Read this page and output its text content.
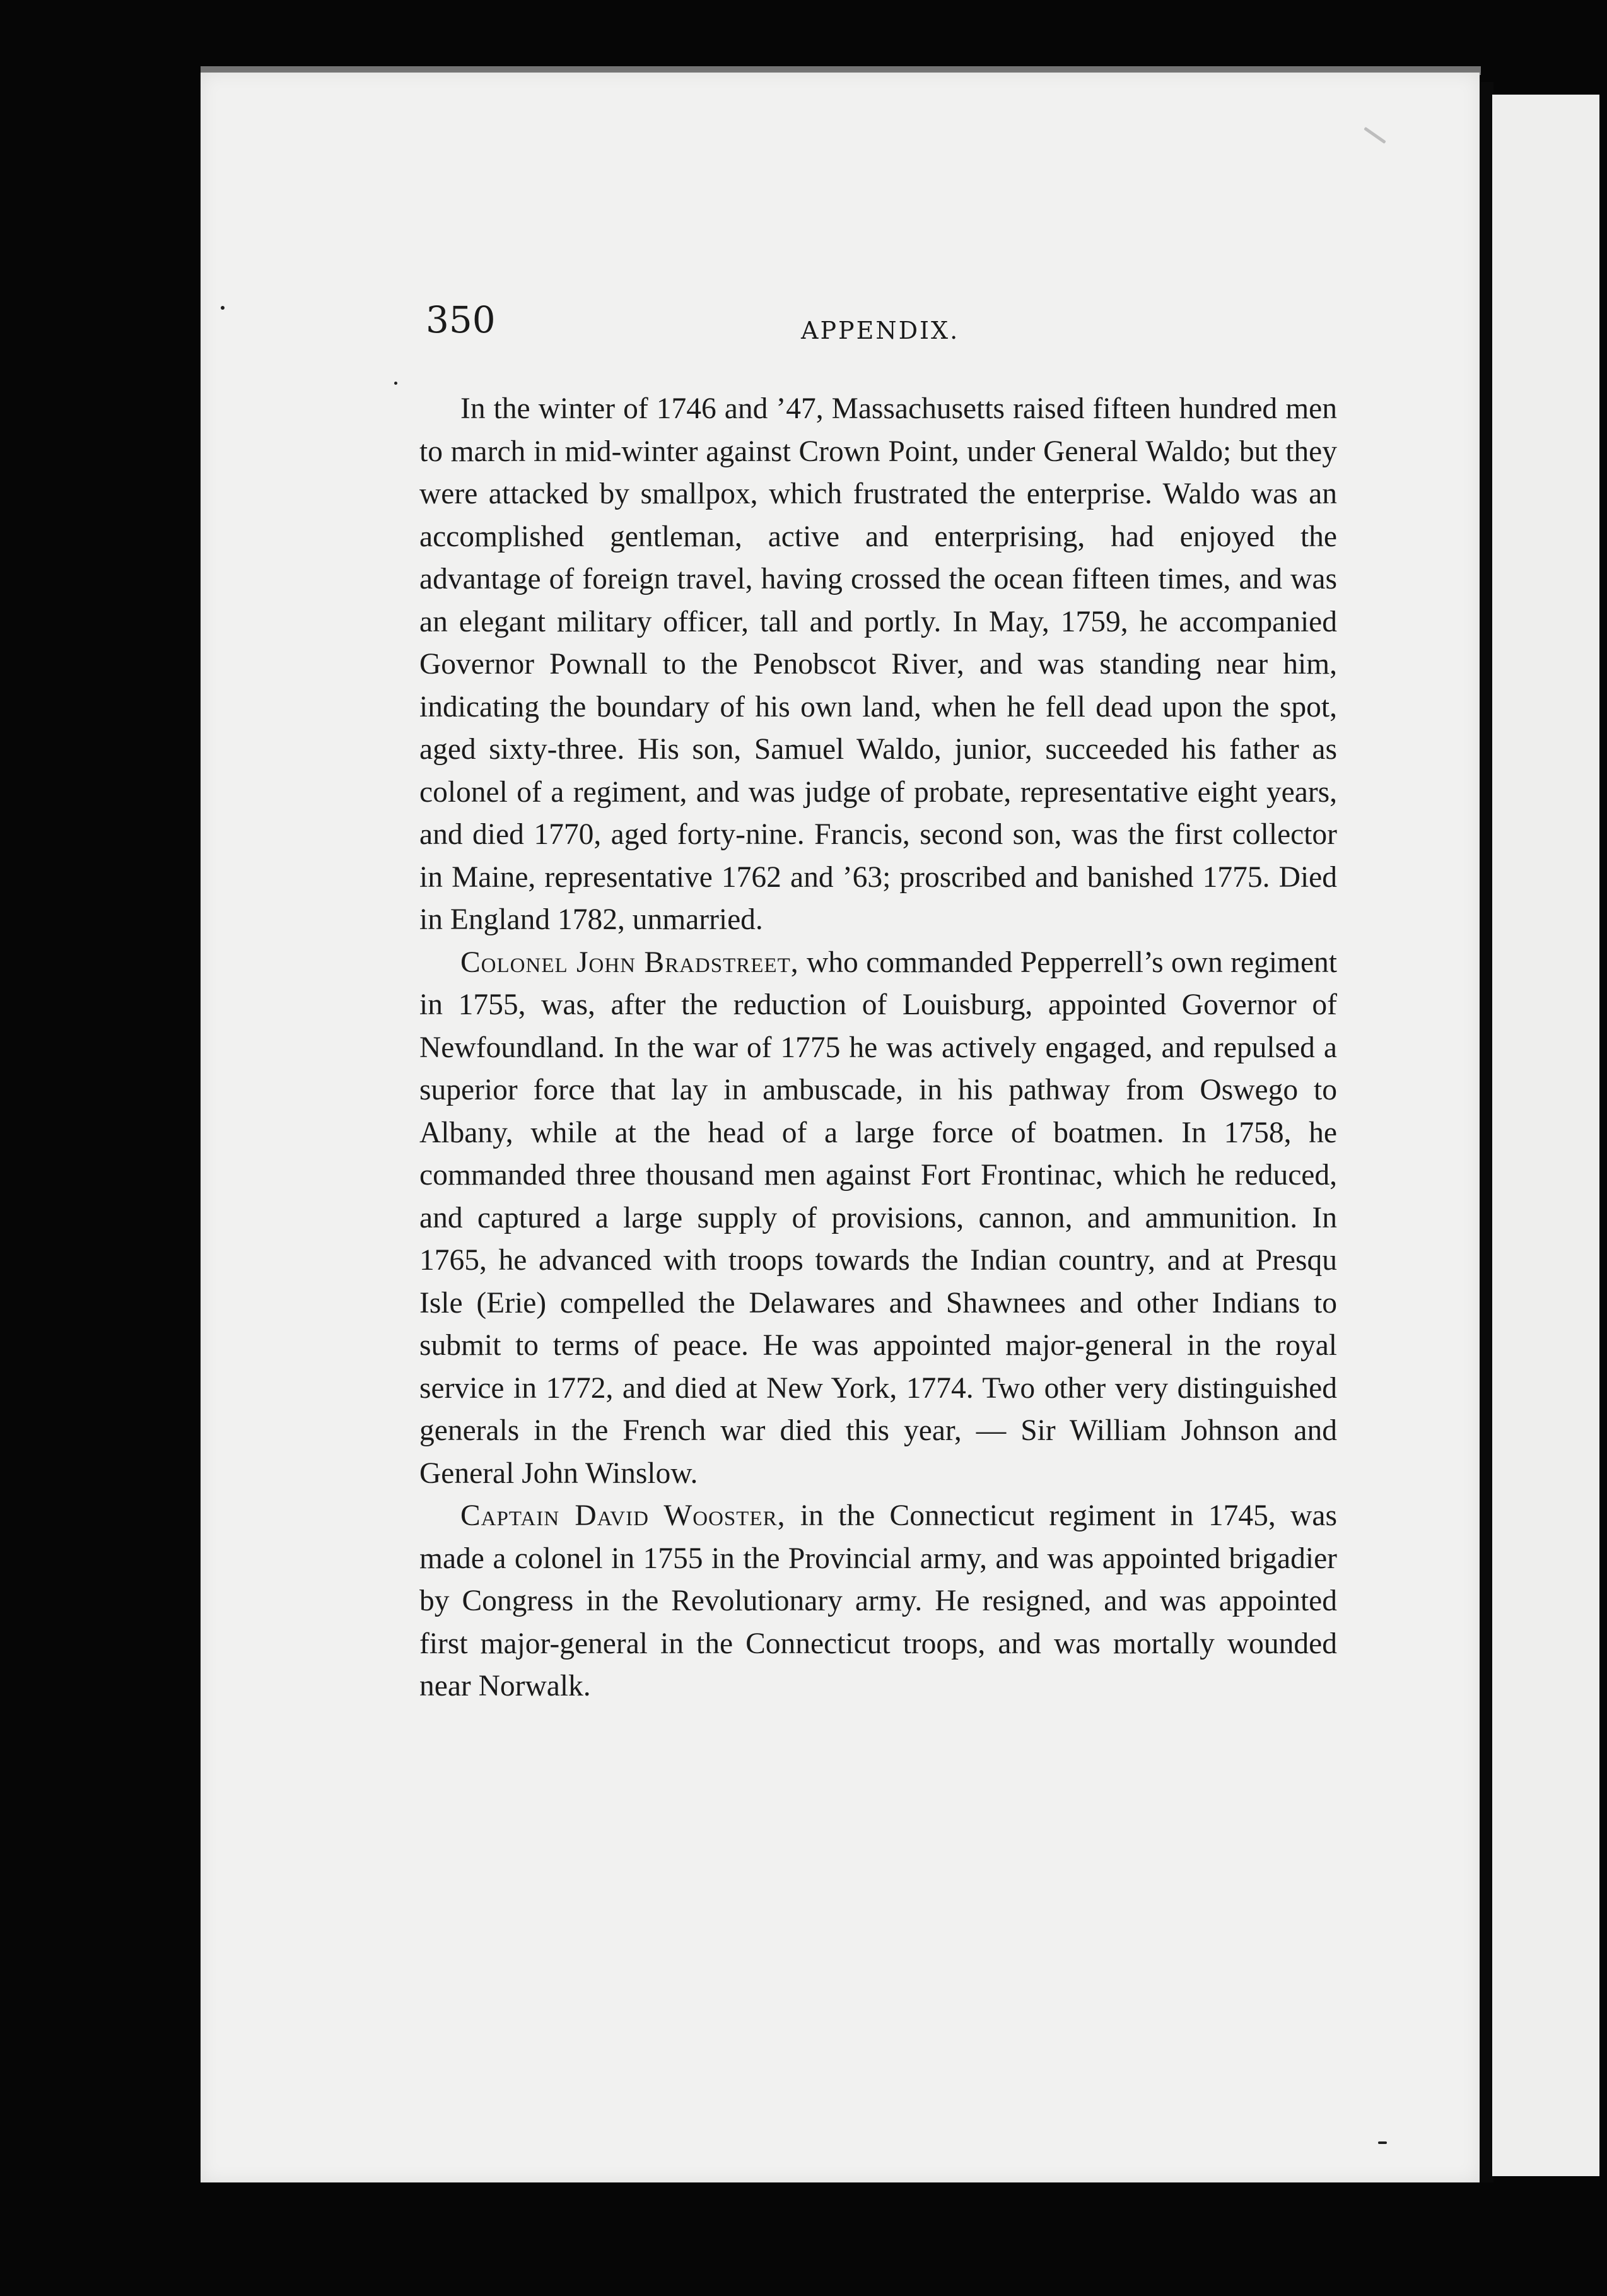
350	APPENDIX.

In the winter of 1746 and ’47, Massachusetts raised fifteen hundred men to march in mid-winter against Crown Point, under General Waldo; but they were attacked by smallpox, which frustrated the enterprise. Waldo was an accomplished gentleman, active and enterprising, had enjoyed the advantage of foreign travel, having crossed the ocean fifteen times, and was an elegant military officer, tall and portly. In May, 1759, he accompanied Governor Pownall to the Penobscot River, and was standing near him, indicating the boundary of his own land, when he fell dead upon the spot, aged sixty-three. His son, Samuel Waldo, junior, succeeded his father as colonel of a regiment, and was judge of probate, representative eight years, and died 1770, aged forty-nine. Francis, second son, was the first collector in Maine, representative 1762 and ’63; proscribed and banished 1775. Died in England 1782, unmarried.

Colonel John Bradstreet, who commanded Pepperrell’s own regiment in 1755, was, after the reduction of Louisburg, appointed Governor of Newfoundland. In the war of 1775 he was actively engaged, and repulsed a superior force that lay in ambuscade, in his pathway from Oswego to Albany, while at the head of a large force of boatmen. In 1758, he commanded three thousand men against Fort Frontinac, which he reduced, and captured a large supply of provisions, cannon, and ammunition. In 1765, he advanced with troops towards the Indian country, and at Presqu Isle (Erie) compelled the Delawares and Shawnees and other Indians to submit to terms of peace. He was appointed major-general in the royal service in 1772, and died at New York, 1774. Two other very distinguished generals in the French war died this year, — Sir William Johnson and General John Winslow.

Captain David Wooster, in the Connecticut regiment in 1745, was made a colonel in 1755 in the Provincial army, and was appointed brigadier by Congress in the Revolutionary army. He resigned, and was appointed first major-general in the Connecticut troops, and was mortally wounded near Norwalk.
